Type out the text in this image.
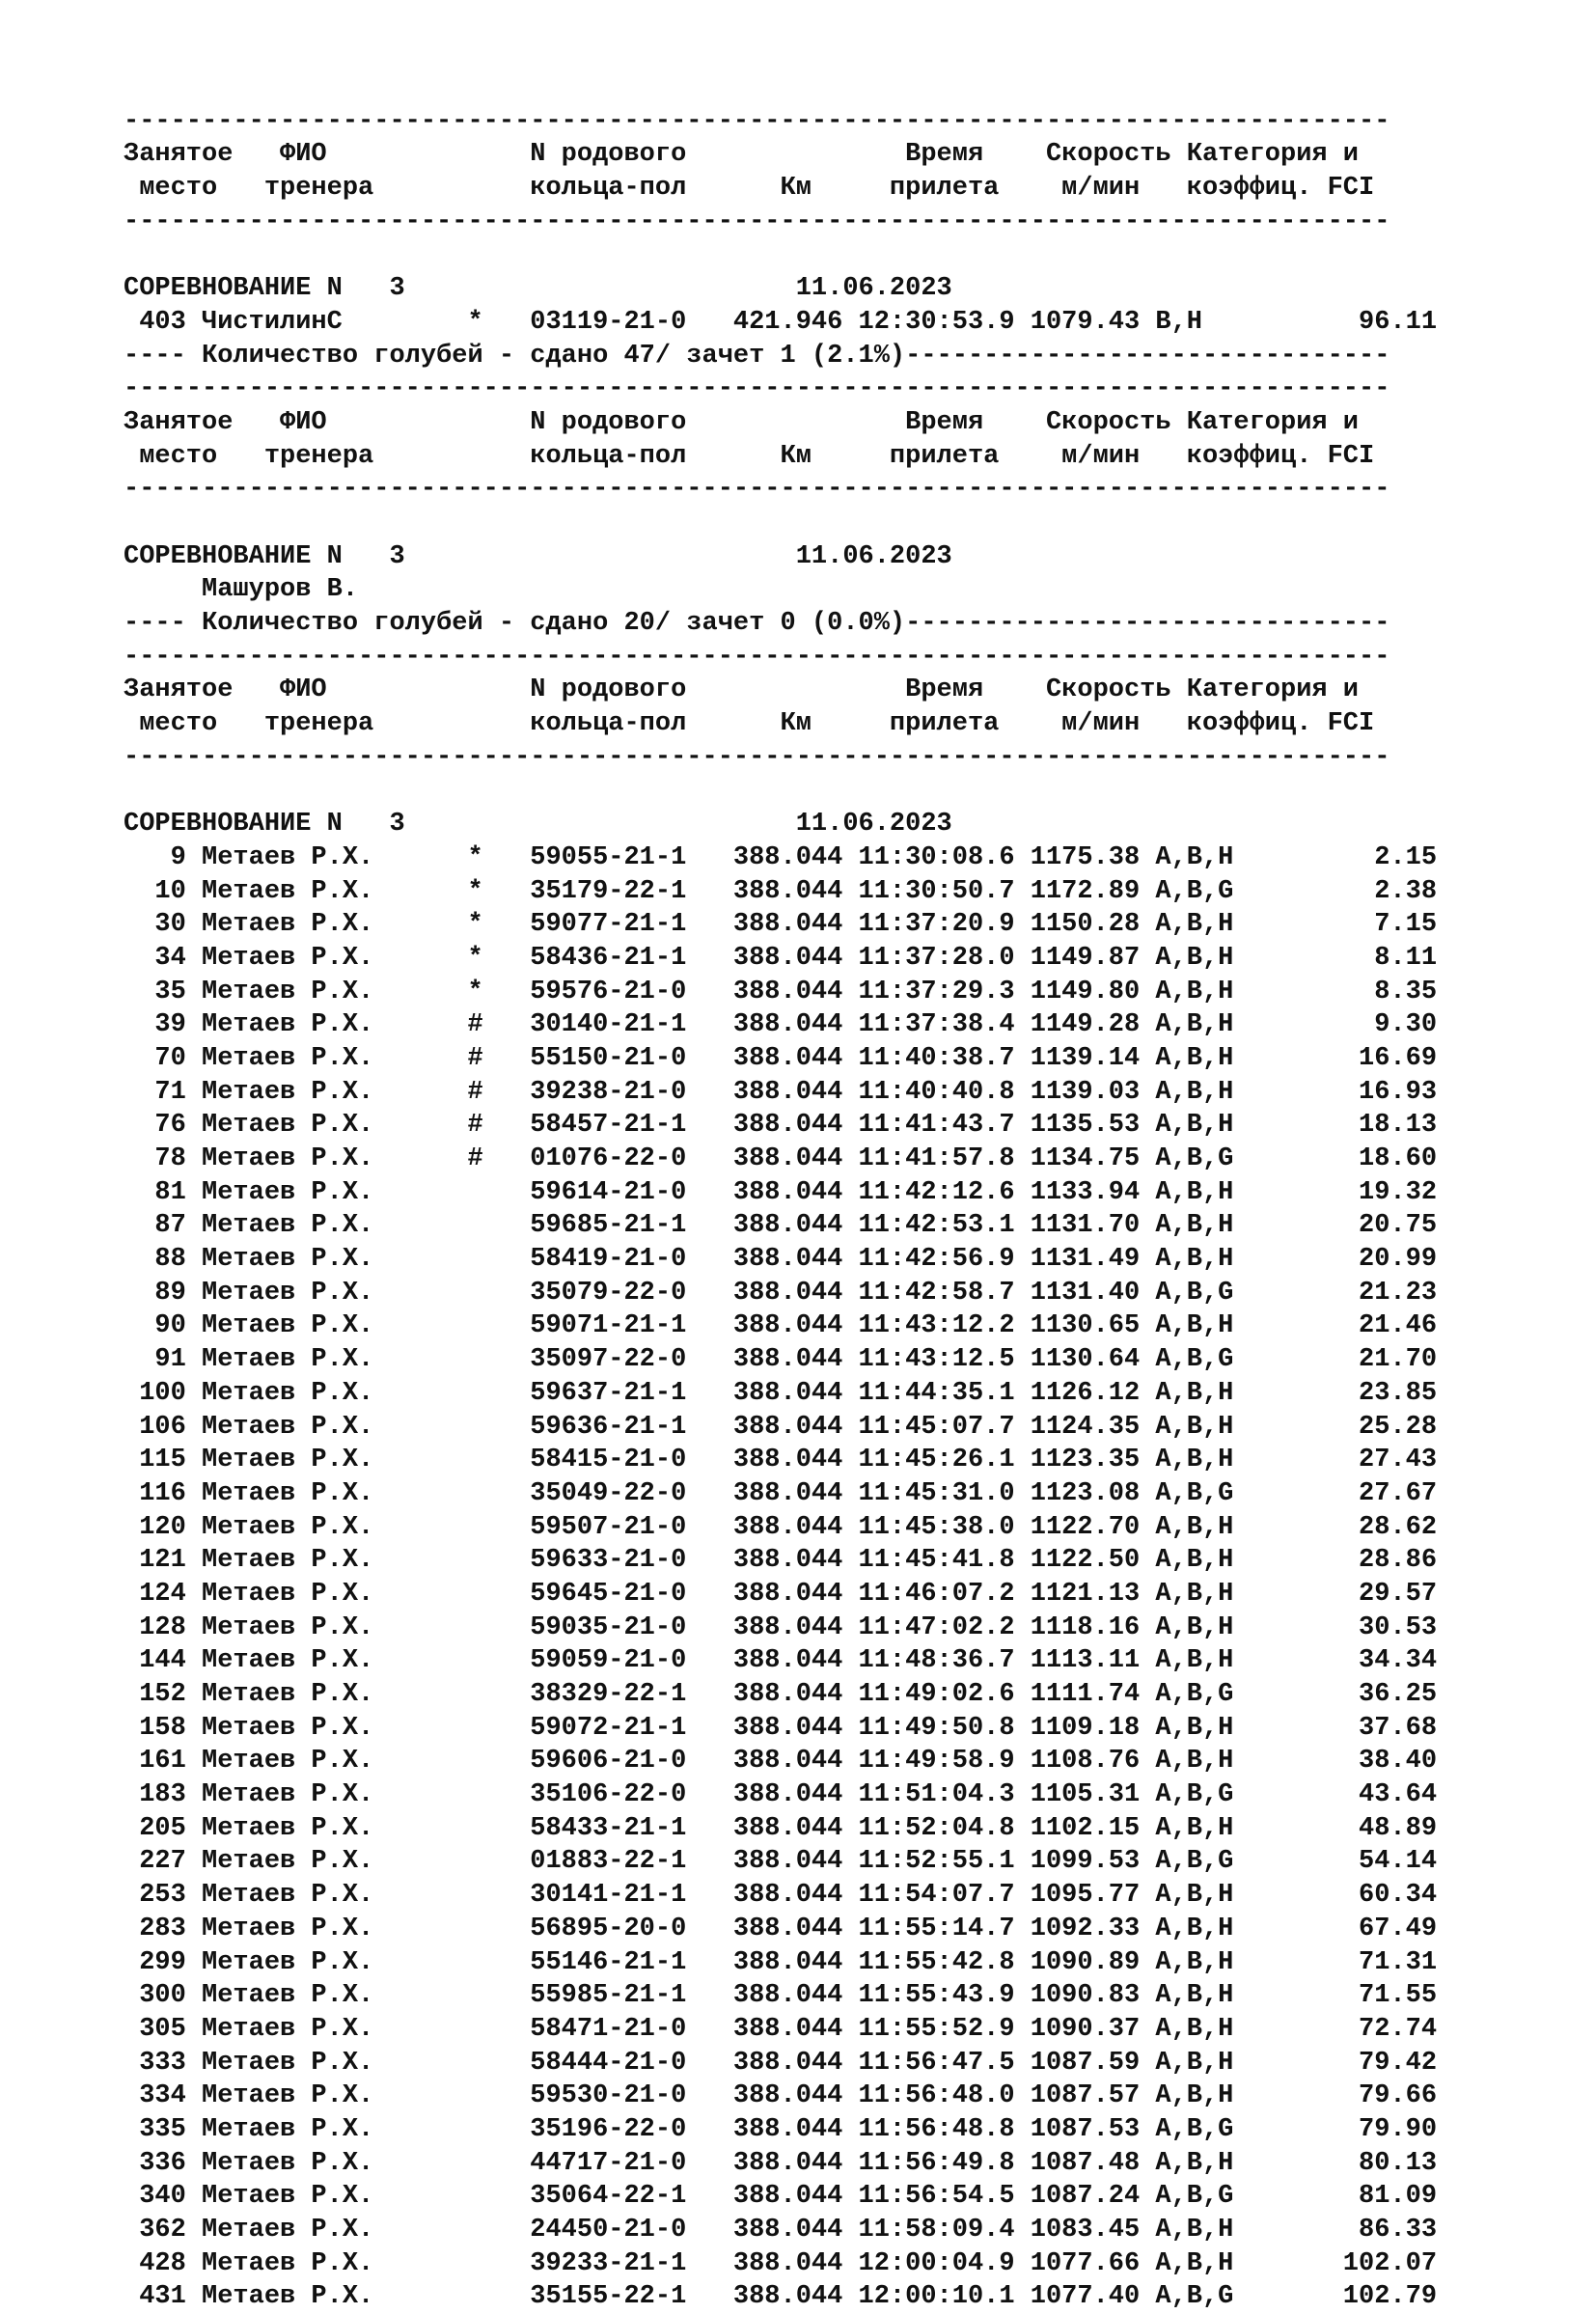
---------------------------------------------------------------------------------
Занятое   ФИО             N родового              Время    Скорость Категория и
место   тренера          кольца-пол      Км     прилета    м/мин   коэффиц. FCI
---------------------------------------------------------------------------------
СОРЕВНОВАНИЕ N   3                         11.06.2023
403 ЧистилинС        *   03119-21-0   421.946 12:30:53.9 1079.43 B,H          96.11
---- Количество голубей - сдано 47/ зачет 1 (2.1%)-------------------------------
---------------------------------------------------------------------------------
Занятое   ФИО             N родового              Время    Скорость Категория и
место   тренера          кольца-пол      Км     прилета    м/мин   коэффиц. FCI
---------------------------------------------------------------------------------
СОРЕВНОВАНИЕ N   3                         11.06.2023
Машуров В.
---- Количество голубей - сдано 20/ зачет 0 (0.0%)-------------------------------
---------------------------------------------------------------------------------
Занятое   ФИО             N родового              Время    Скорость Категория и
место   тренера          кольца-пол      Км     прилета    м/мин   коэффиц. FCI
---------------------------------------------------------------------------------
СОРЕВНОВАНИЕ N   3                         11.06.2023
9 Метаев Р.Х.      *   59055-21-1   388.044 11:30:08.6 1175.38 A,B,H         2.15
10 Метаев Р.Х.      *   35179-22-1   388.044 11:30:50.7 1172.89 A,B,G         2.38
30 Метаев Р.Х.      *   59077-21-1   388.044 11:37:20.9 1150.28 A,B,H         7.15
34 Метаев Р.Х.      *   58436-21-1   388.044 11:37:28.0 1149.87 A,B,H         8.11
35 Метаев Р.Х.      *   59576-21-0   388.044 11:37:29.3 1149.80 A,B,H         8.35
39 Метаев Р.Х.      #   30140-21-1   388.044 11:37:38.4 1149.28 A,B,H         9.30
70 Метаев Р.Х.      #   55150-21-0   388.044 11:40:38.7 1139.14 A,B,H        16.69
71 Метаев Р.Х.      #   39238-21-0   388.044 11:40:40.8 1139.03 A,B,H        16.93
76 Метаев Р.Х.      #   58457-21-1   388.044 11:41:43.7 1135.53 A,B,H        18.13
78 Метаев Р.Х.      #   01076-22-0   388.044 11:41:57.8 1134.75 A,B,G        18.60
81 Метаев Р.Х.          59614-21-0   388.044 11:42:12.6 1133.94 A,B,H        19.32
87 Метаев Р.Х.          59685-21-1   388.044 11:42:53.1 1131.70 A,B,H        20.75
88 Метаев Р.Х.          58419-21-0   388.044 11:42:56.9 1131.49 A,B,H        20.99
89 Метаев Р.Х.          35079-22-0   388.044 11:42:58.7 1131.40 A,B,G        21.23
90 Метаев Р.Х.          59071-21-1   388.044 11:43:12.2 1130.65 A,B,H        21.46
91 Метаев Р.Х.          35097-22-0   388.044 11:43:12.5 1130.64 A,B,G        21.70
100 Метаев Р.Х.          59637-21-1   388.044 11:44:35.1 1126.12 A,B,H        23.85
106 Метаев Р.Х.          59636-21-1   388.044 11:45:07.7 1124.35 A,B,H        25.28
115 Метаев Р.Х.          58415-21-0   388.044 11:45:26.1 1123.35 A,B,H        27.43
116 Метаев Р.Х.          35049-22-0   388.044 11:45:31.0 1123.08 A,B,G        27.67
120 Метаев Р.Х.          59507-21-0   388.044 11:45:38.0 1122.70 A,B,H        28.62
121 Метаев Р.Х.          59633-21-0   388.044 11:45:41.8 1122.50 A,B,H        28.86
124 Метаев Р.Х.          59645-21-0   388.044 11:46:07.2 1121.13 A,B,H        29.57
128 Метаев Р.Х.          59035-21-0   388.044 11:47:02.2 1118.16 A,B,H        30.53
144 Метаев Р.Х.          59059-21-0   388.044 11:48:36.7 1113.11 A,B,H        34.34
152 Метаев Р.Х.          38329-22-1   388.044 11:49:02.6 1111.74 A,B,G        36.25
158 Метаев Р.Х.          59072-21-1   388.044 11:49:50.8 1109.18 A,B,H        37.68
161 Метаев Р.Х.          59606-21-0   388.044 11:49:58.9 1108.76 A,B,H        38.40
183 Метаев Р.Х.          35106-22-0   388.044 11:51:04.3 1105.31 A,B,G        43.64
205 Метаев Р.Х.          58433-21-1   388.044 11:52:04.8 1102.15 A,B,H        48.89
227 Метаев Р.Х.          01883-22-1   388.044 11:52:55.1 1099.53 A,B,G        54.14
253 Метаев Р.Х.          30141-21-1   388.044 11:54:07.7 1095.77 A,B,H        60.34
283 Метаев Р.Х.          56895-20-0   388.044 11:55:14.7 1092.33 A,B,H        67.49
299 Метаев Р.Х.          55146-21-1   388.044 11:55:42.8 1090.89 A,B,H        71.31
300 Метаев Р.Х.          55985-21-1   388.044 11:55:43.9 1090.83 A,B,H        71.55
305 Метаев Р.Х.          58471-21-0   388.044 11:55:52.9 1090.37 A,B,H        72.74
333 Метаев Р.Х.          58444-21-0   388.044 11:56:47.5 1087.59 A,B,H        79.42
334 Метаев Р.Х.          59530-21-0   388.044 11:56:48.0 1087.57 A,B,H        79.66
335 Метаев Р.Х.          35196-22-0   388.044 11:56:48.8 1087.53 A,B,G        79.90
336 Метаев Р.Х.          44717-21-0   388.044 11:56:49.8 1087.48 A,B,H        80.13
340 Метаев Р.Х.          35064-22-1   388.044 11:56:54.5 1087.24 A,B,G        81.09
362 Метаев Р.Х.          24450-21-0   388.044 11:58:09.4 1083.45 A,B,H        86.33
428 Метаев Р.Х.          39233-21-1   388.044 12:00:04.9 1077.66 A,B,H       102.07
431 Метаев Р.Х.          35155-22-1   388.044 12:00:10.1 1077.40 A,B,G       102.79
